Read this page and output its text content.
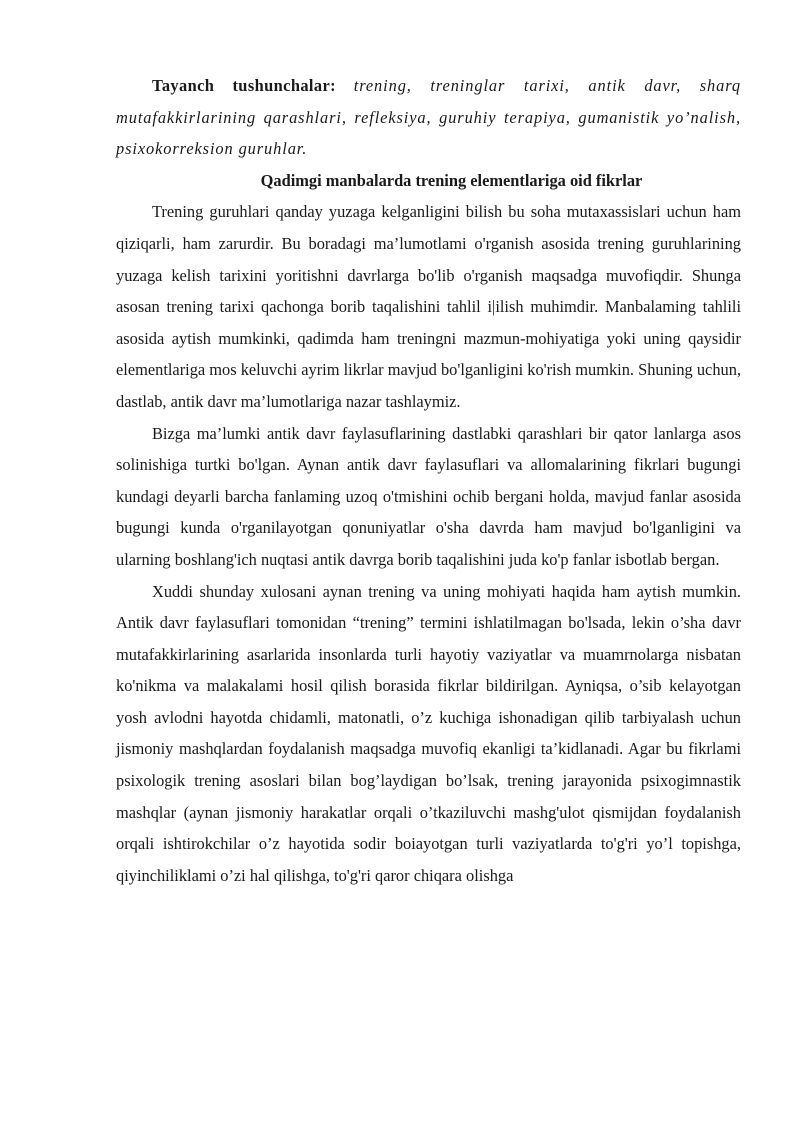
Tayanch tushunchalar: trening, treninglar tarixi, antik davr, sharq mutafakkirlarining qarashlari, refleksiya, guruhiy terapiya, gumanistik yo’nalish, psixokorreksion guruhlar.

Qadimgi manbalarda trening elementlariga oid fikrlar

Trening guruhlari qanday yuzaga kelganligini bilish bu soha mutaxassislari uchun ham qiziqarli, ham zarurdir. Bu boradagi ma’lumotlami o'rganish asosida trening guruhlarining yuzaga kelish tarixini yoritishni davrlarga bo'lib o'rganish maqsadga muvofiqdir. Shunga asosan trening tarixi qachonga borib taqalishini tahlil i|ilish muhimdir. Manbalaming tahlili asosida aytish mumkinki, qadimda ham treningni mazmun-mohiyatiga yoki uning qaysidir elementlariga mos keluvchi ayrim likrlar mavjud bo'lganligini ko'rish mumkin. Shuning uchun, dastlab, antik davr ma’lumotlariga nazar tashlaymiz.

Bizga ma’lumki antik davr faylasuflarining dastlabki qarashlari bir qator lanlarga asos solinishiga turtki bo'lgan. Aynan antik davr faylasuflari va allomalarining fikrlari bugungi kundagi deyarli barcha fanlaming uzoq o'tmishini ochib bergani holda, mavjud fanlar asosida bugungi kunda o'rganilayotgan qonuniyatlar o'sha davrda ham mavjud bo'lganligini va ularning boshlang'ich nuqtasi antik davrga borib taqalishini juda ko'p fanlar isbotlab bergan.

Xuddi shunday xulosani aynan trening va uning mohiyati haqida ham aytish mumkin. Antik davr faylasuflari tomonidan “trening” termini ishlatilmagan bo'lsada, lekin o’sha davr mutafakkirlarining asarlarida insonlarda turli hayotiy vaziyatlar va muamrnolarga nisbatan ko'nikma va malakalami hosil qilish borasida fikrlar bildirilgan. Ayniqsa, o’sib kelayotgan yosh avlodni hayotda chidamli, matonatli, o’z kuchiga ishonadigan qilib tarbiyalash uchun jismoniy mashqlardan foydalanish maqsadga muvofiq ekanligi ta’kidlanadi. Agar bu fikrlami psixologik trening asoslari bilan bog’laydigan bo’lsak, trening jarayonida psixogimnastik mashqlar (aynan jismoniy harakatlar orqali o’tkaziluvchi mashg'ulot qismijdan foydalanish orqali ishtirokchilar o’z hayotida sodir boiayotgan turli vaziyatlarda to'g'ri yo’l topishga, qiyinchiliklami o’zi hal qilishga, to'g'ri qaror chiqara olishga
